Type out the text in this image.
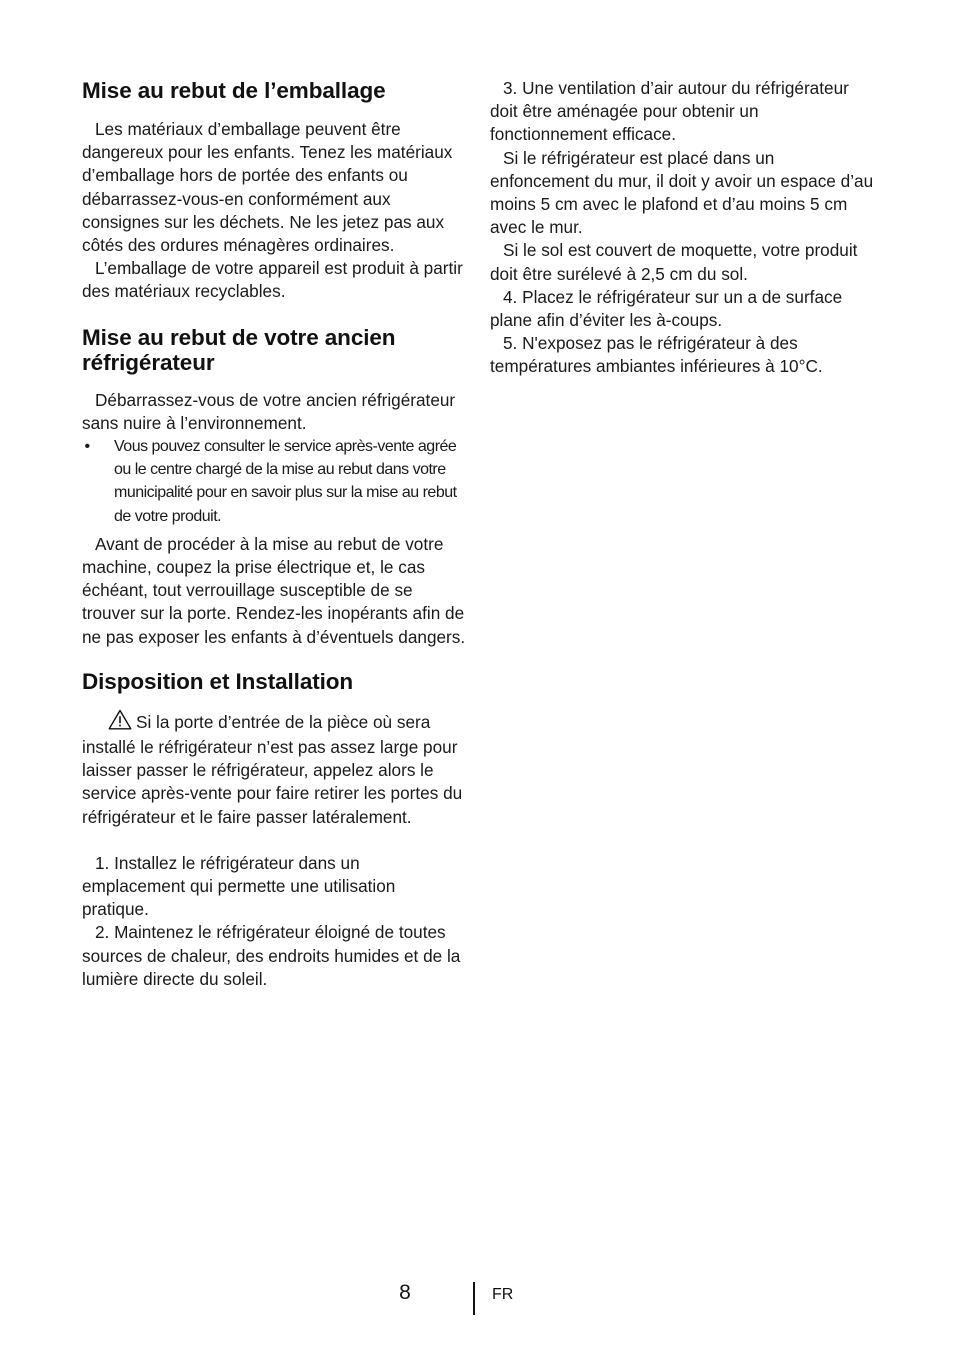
Mise au rebut de l’emballage

Les matériaux d’emballage peuvent être dangereux pour les enfants. Tenez les matériaux d’emballage hors de portée des enfants ou débarrassez-vous-en conformément aux consignes sur les déchets. Ne les jetez pas aux côtés des ordures ménagères ordinaires.

L’emballage de votre appareil est produit à partir des matériaux recyclables.

Mise au rebut de votre ancien réfrigérateur

Débarrassez-vous de votre ancien réfrigérateur sans nuire à l’environnement.

• Vous pouvez consulter le service après-vente agrée ou le centre chargé de la mise au rebut dans votre municipalité pour en savoir plus sur la mise au rebut de votre produit.

Avant de procéder à la mise au rebut de votre machine, coupez la prise électrique et, le cas échéant, tout verrouillage susceptible de se trouver sur la porte. Rendez-les inopérants afin de ne pas exposer les enfants à d’éventuels dangers.

Disposition et Installation

Si la porte d’entrée de la pièce où sera installé le réfrigérateur n’est pas assez large pour laisser passer le réfrigérateur, appelez alors le service après-vente pour faire retirer les portes du réfrigérateur et le faire passer latéralement.

1. Installez le réfrigérateur dans un emplacement qui permette une utilisation pratique.

2. Maintenez le réfrigérateur éloigné de toutes sources de chaleur, des endroits humides et de la lumière directe du soleil.

3. Une ventilation d’air autour du réfrigérateur doit être aménagée pour obtenir un fonctionnement efficace.

Si le réfrigérateur est placé dans un enfoncement du mur, il doit y avoir un espace d’au moins 5 cm avec le plafond et d’au moins 5 cm avec le mur.

Si le sol est couvert de moquette, votre produit doit être surélevé à 2,5 cm du sol.

4. Placez le réfrigérateur sur un a de surface plane afin d’éviter les à-coups.

5. N'exposez pas le réfrigérateur à des températures ambiantes inférieures à 10°C.

8	FR
